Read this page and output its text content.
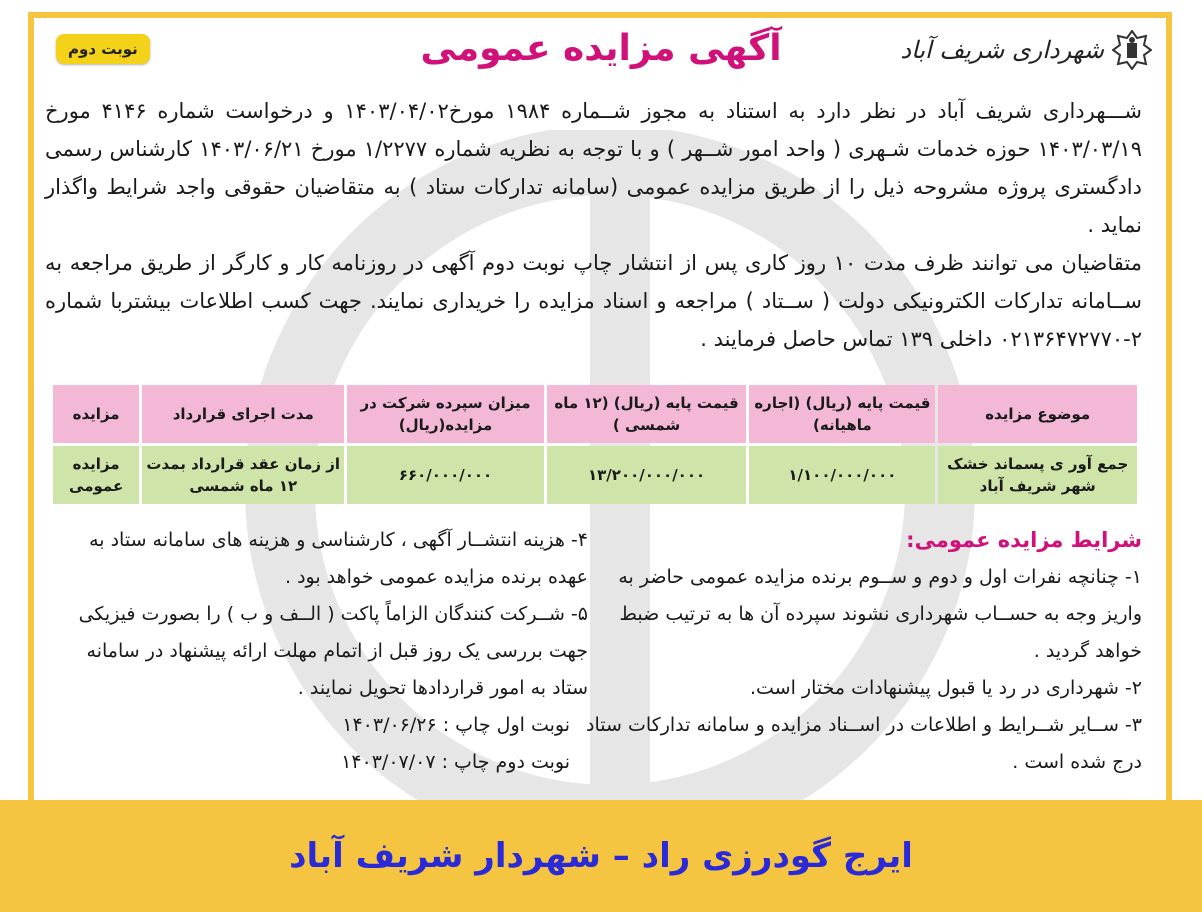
شهرداری شریف آباد
آگهی مزایده عمومی
نوبت دوم

شـــهرداری شریف آباد در نظر دارد به استناد به مجوز شــماره ۱۹۸۴ مورخ۱۴۰۳/۰۴/۰۲ و درخواست شماره ۴۱۴۶ مورخ ۱۴۰۳/۰۳/۱۹ حوزه خدمات شـهری ( واحد امور شــهر ) و با توجه به نظریه شماره ۱/۲۲۷۷ مورخ ۱۴۰۳/۰۶/۲۱ کارشناس رسمی دادگستری پروژه مشروحه ذیل را از طریق مزایده عمومی (سامانه تدارکات ستاد ) به متقاضیان حقوقی واجد شرایط واگذار نماید .

متقاضیان می توانند ظرف مدت ۱۰ روز کاری پس از انتشار چاپ نوبت دوم آگهی در روزنامه کار و کارگر از طریق مراجعه به ســامانه تدارکات الکترونیکی دولت ( ســتاد ) مراجعه و اسناد مزایده را خریداری نمایند. جهت کسب اطلاعات بیشتربا شماره ۲-۰۲۱۳۶۴۷۲۷۷۰ داخلی ۱۳۹ تماس حاصل فرمایند .

موضوع مزایده	قیمت پایه (ریال) (اجاره ماهیانه)	قیمت پایه (ریال) (۱۲ ماه شمسی )	میزان سپرده شرکت در مزایده(ریال)	مدت اجرای قرارداد	مزایده
جمع آور ی پسماند خشک شهر شریف آباد	۱/۱۰۰/۰۰۰/۰۰۰	۱۳/۲۰۰/۰۰۰/۰۰۰	۶۶۰/۰۰۰/۰۰۰	از زمان عقد قرارداد بمدت ۱۲ ماه شمسی	مزایده عمومی

شرایط مزایده عمومی:

۱- چنانچه نفرات اول و دوم و ســوم برنده مزایده عمومی حاضر به واریز وجه به حســاب شهرداری نشوند سپرده آن ها به ترتیب ضبط خواهد گردید .

۲- شهرداری در رد یا قبول پیشنهادات مختار است.

۳- ســایر شــرایط و اطلاعات در اســناد مزایده و سامانه تدارکات ستاد درج شده است .

۴- هزینه انتشــار آگهی ، کارشناسی و هزینه های سامانه ستاد به عهده برنده مزایده عمومی خواهد بود .

۵- شــرکت کنندگان الزاماً پاکت ( الــف و ب ) را بصورت فیزیکی جهت بررسی یک روز قبل از اتمام مهلت ارائه پیشنهاد در سامانه ستاد به امور قراردادها تحویل نمایند .

نوبت اول چاپ : ۱۴۰۳/۰۶/۲۶

نوبت دوم چاپ : ۱۴۰۳/۰۷/۰۷

ایرج گودرزی راد – شهردار شریف آباد
